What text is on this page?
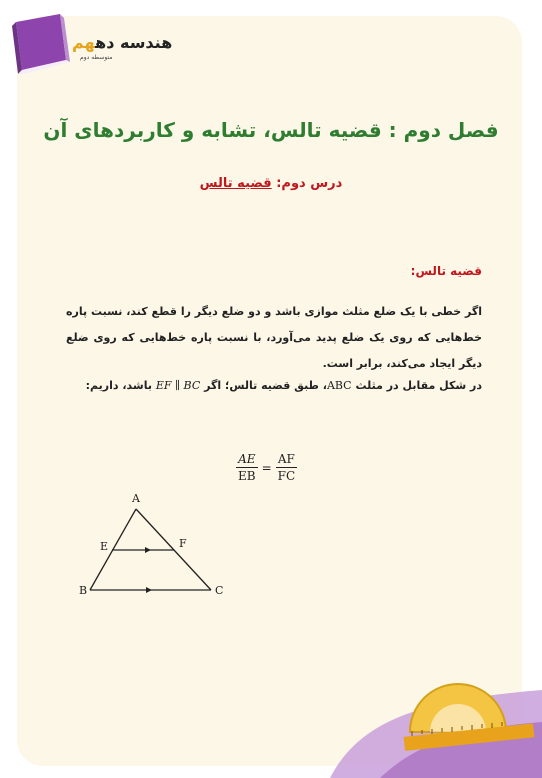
هندسه دههم
متوسطه دوم
فصل دوم : قضیه تالس، تشابه و کاربردهای آن
درس دوم: قضیه تالس
قضیه تالس:
اگر خطی با یک ضلع مثلث موازی باشد و دو ضلع دیگر را قطع کند، نسبت پاره خط‌هایی که روی یک ضلع پدید می‌آورد، با نسبت پاره خط‌هایی که روی ضلع دیگر ایجاد می‌کند، برابر است.
در شکل مقابل در مثلث ABC، طبق قضیه تالس؛ اگر EF ∥ BC باشد، داریم:
$\frac{AE}{EB} = \frac{AF}{FC}$
A
B	C
E	F
